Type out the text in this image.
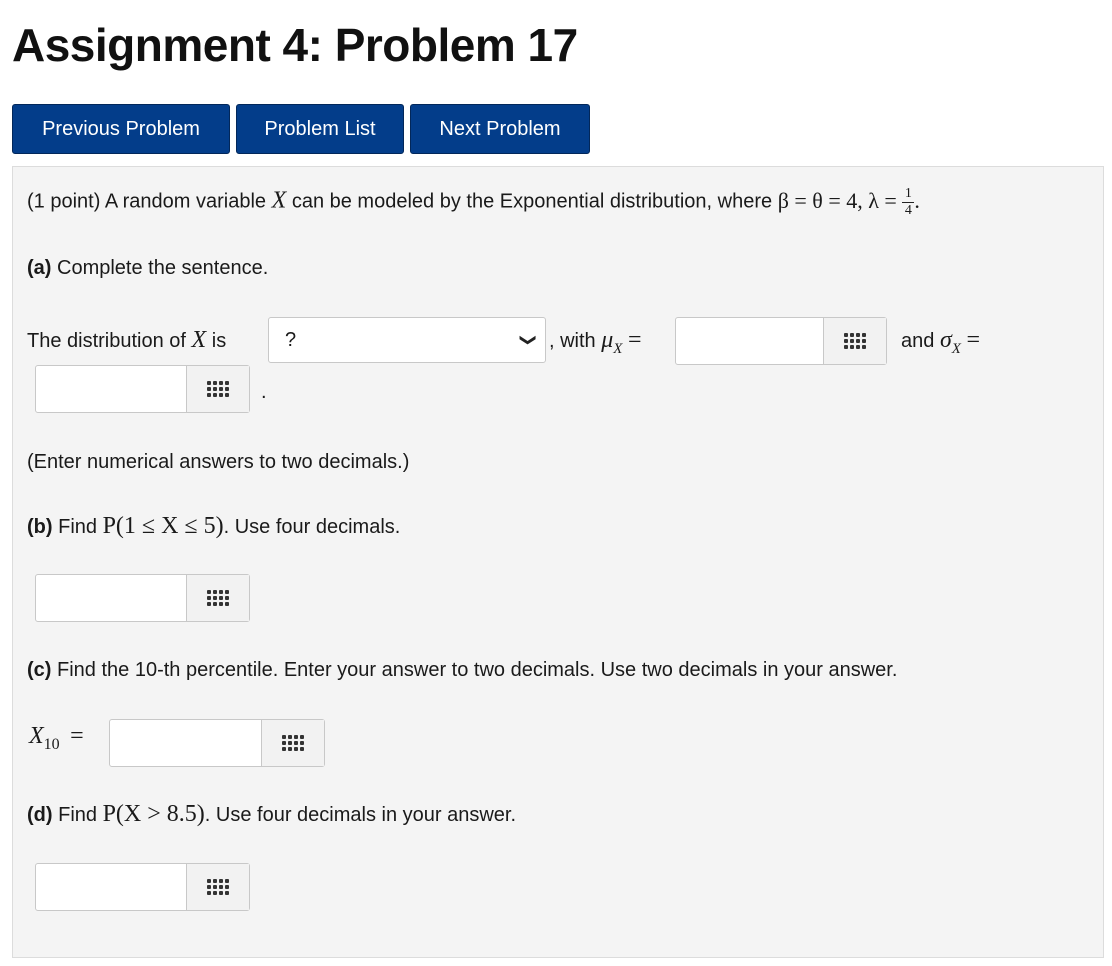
Assignment 4: Problem 17
Previous Problem	Problem List	Next Problem
(1 point) A random variable X can be modeled by the Exponential distribution, where β = θ = 4, $\lambda = \frac{1}{4}$ .
(a) Complete the sentence.
The distribution of X is	?	❯ , with $\mu_X$ =	and $\sigma_X$ =
.
(Enter numerical answers to two decimals.)
(b) Find P(1 ≤ X ≤ 5). Use four decimals.
(c) Find the 10-th percentile. Enter your answer to two decimals. Use two decimals in your answer.
$X_{10}$ =
(d) Find P(X > 8.5). Use four decimals in your answer.
